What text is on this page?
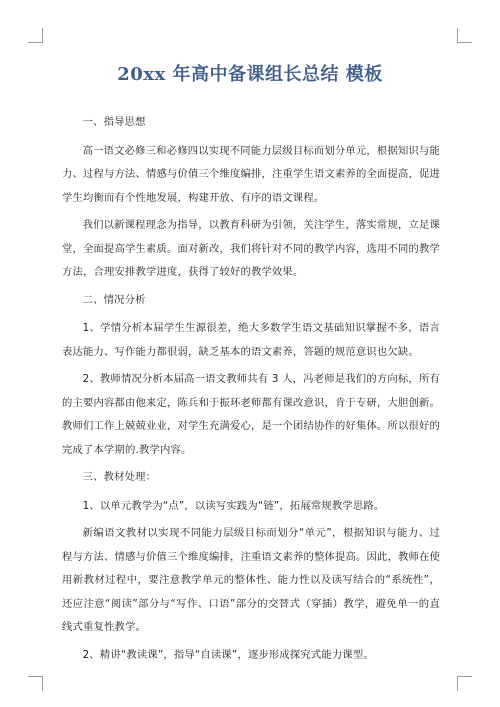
20xx 年高中备课组长总结 模板

一、指导思想

高一语文必修三和必修四以实现不同能力层级目标而划分单元，根据知识与能力、过程与方法、情感与价值三个维度编排，注重学生语文素养的全面提高，促进学生均衡而有个性地发展，构建开放、有序的语文课程。

我们以新课程理念为指导，以教育科研为引领，关注学生，落实常规，立足课堂，全面提高学生素质。面对新改，我们将针对不同的教学内容，选用不同的教学方法，合理安排教学进度，获得了较好的教学效果。

二、情况分析

1、学情分析本届学生生源很差，绝大多数学生语文基础知识掌握不多，语言表达能力、写作能力都很弱，缺乏基本的语文素养，答题的规范意识也欠缺。

2、教师情况分析本届高一语文教师共有 3 人，冯老师是我们的方向标，所有的主要内容都由他来定，陈兵和于振环老师都有课改意识，肯于专研，大胆创新。教师们工作上兢兢业业，对学生充满爱心，是一个团结协作的好集体。所以很好的完成了本学期的.教学内容。

三、教材处理：

1、以单元教学为“点”，以读写实践为“链”，拓展常规教学思路。

新编语文教材以实现不同能力层级目标而划分“单元”，根据知识与能力、过程与方法、情感与价值三个维度编排，注重语文素养的整体提高。因此，教师在使用新教材过程中，要注意教学单元的整体性、能力性以及读写结合的“系统性”，还应注意“阅读”部分与“写作、口语”部分的交替式（穿插）教学，避免单一的直线式重复性教学。

2、精讲“教读课”，指导“自读课”，逐步形成探究式能力课型。
